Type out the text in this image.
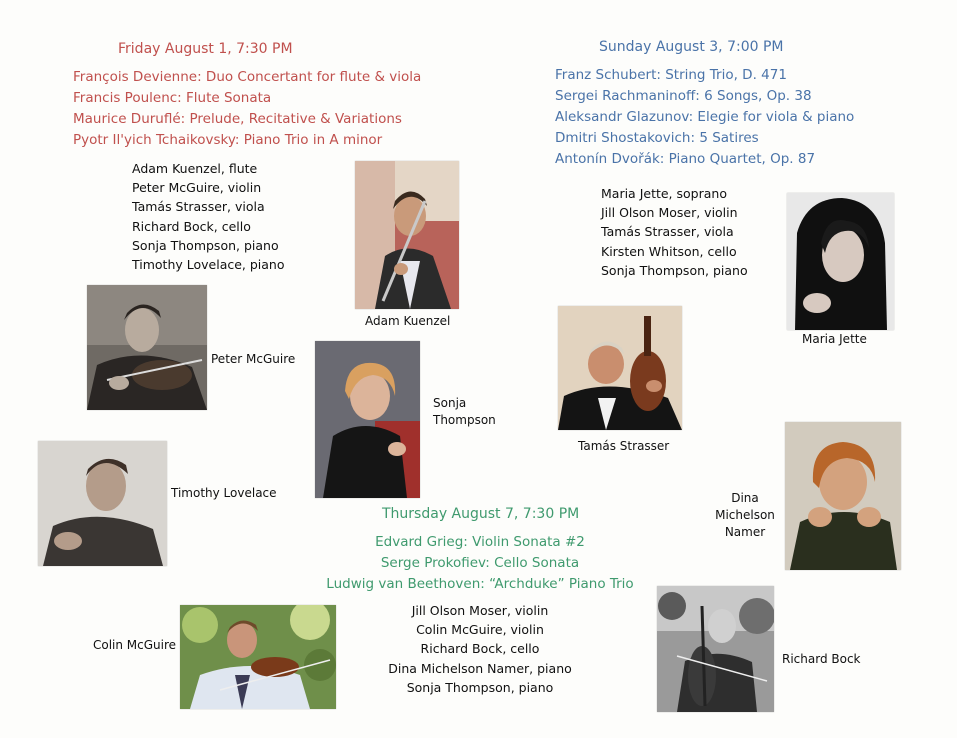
Friday August 1, 7:30 PM
François Devienne: Duo Concertant for flute & viola
Francis Poulenc: Flute Sonata
Maurice Duruflé: Prelude, Recitative & Variations
Pyotr Il'yich Tchaikovsky: Piano Trio in A minor
Adam Kuenzel, flute
Peter McGuire, violin
Tamás Strasser, viola
Richard Bock, cello
Sonja Thompson, piano
Timothy Lovelace, piano
Sunday August 3, 7:00 PM
Franz Schubert: String Trio, D. 471
Sergei Rachmaninoff: 6 Songs, Op. 38
Aleksandr Glazunov: Elegie for viola & piano
Dmitri Shostakovich: 5 Satires
Antonín Dvořák: Piano Quartet, Op. 87
Maria Jette, soprano
Jill Olson Moser, violin
Tamás Strasser, viola
Kirsten Whitson, cello
Sonja Thompson, piano
Thursday August 7, 7:30 PM
Edvard Grieg: Violin Sonata #2
Serge Prokofiev: Cello Sonata
Ludwig van Beethoven: “Archduke” Piano Trio
Jill Olson Moser, violin
Colin McGuire, violin
Richard Bock, cello
Dina Michelson Namer, piano
Sonja Thompson, piano
Adam Kuenzel
Peter McGuire
Sonja
Thompson
Timothy Lovelace
Tamás Strasser
Maria Jette
Dina
Michelson
Namer
Colin McGuire
Richard Bock
